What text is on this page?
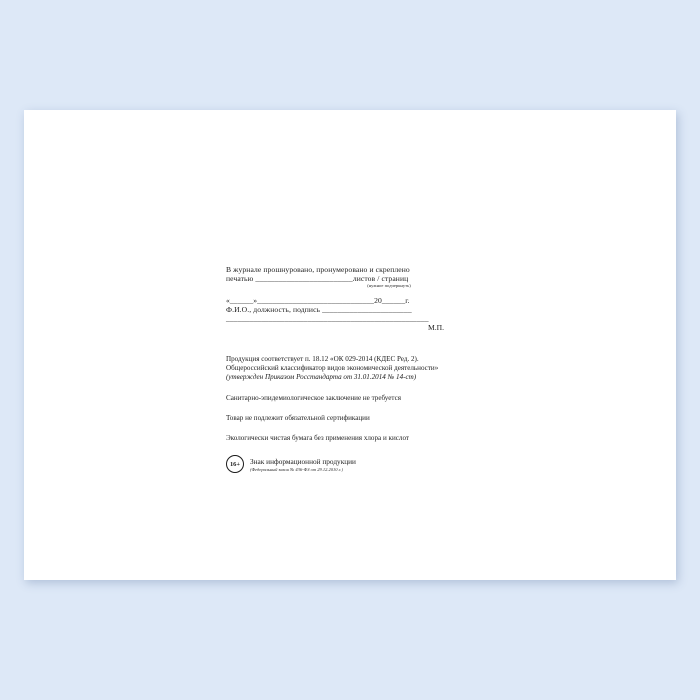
В журнале прошнуровано, пронумеровано и скреплено
печатью _________________________листов / страниц
(нужное подчеркнуть)
«______»______________________________20______г.
Ф.И.О., должность, подпись _______________________
____________________________________________________
М.П.
Продукция соответствует п. 18.12 «ОК 029-2014 (КДЕС Ред. 2).
Общероссийский классификатор видов экономической деятельности»
(утвержден Приказом Росстандарта от 31.01.2014 № 14-ст)
Санитарно-эпидемиологическое заключение не требуется
Товар не подлежит обязательной сертификации
Экологически чистая бумага без применения хлора и кислот
16+	Знак информационной продукции
(Федеральный закон № 436-ФЗ от 29.12.2010 г.)
